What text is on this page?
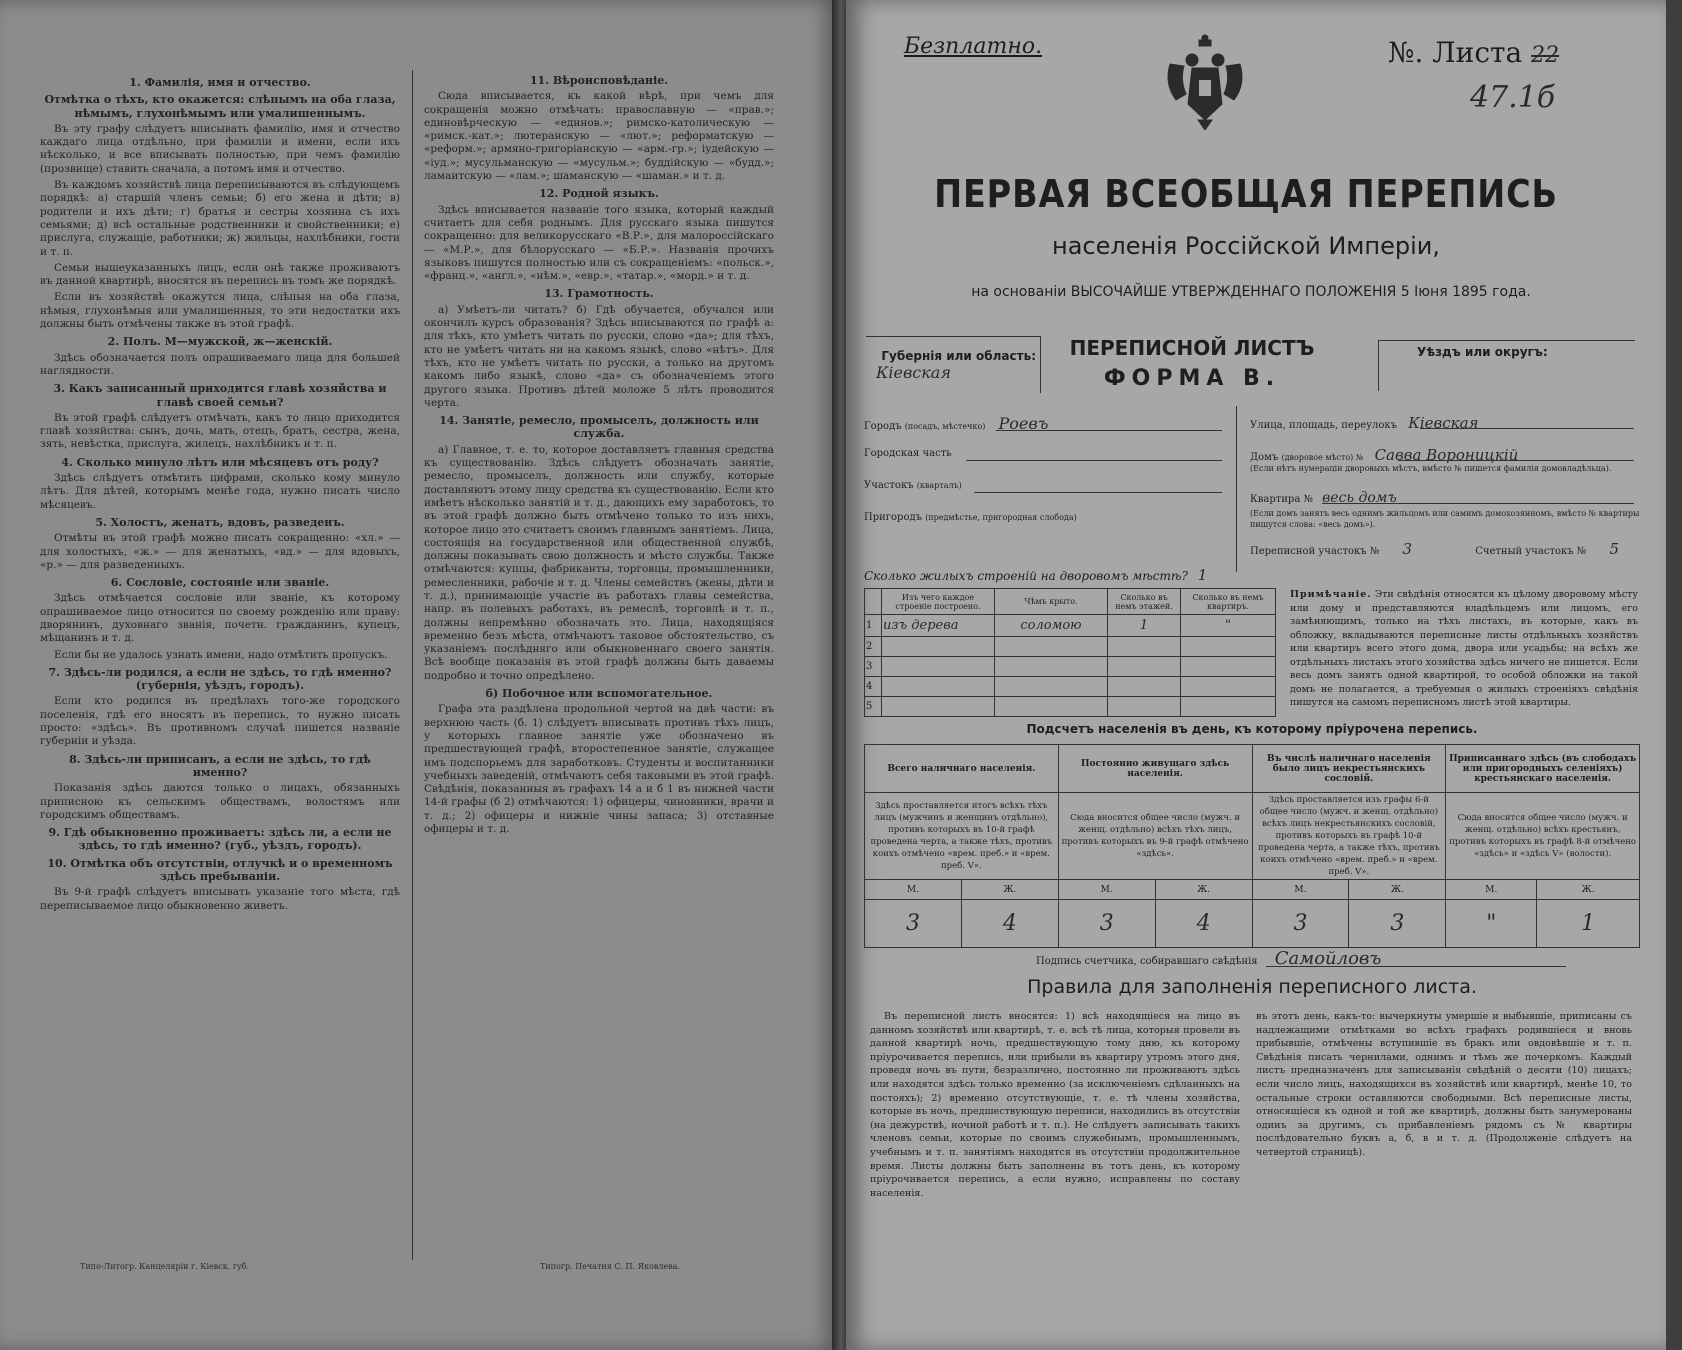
1. Фамилія, имя и отчество.

Отмѣтка о тѣхъ, кто окажется: слѣпымъ на оба глаза, нѣмымъ, глухонѣмымъ или умалишеннымъ.

Въ эту графу слѣдуетъ вписывать фамилію, имя и отчество каждаго лица отдѣльно, при фамиліи и имени, если ихъ нѣсколько, и все вписывать полностью, при чемъ фамилію (прозвище) ставить сначала, а потомъ имя и отчество.

Въ каждомъ хозяйствѣ лица переписываются въ слѣдующемъ порядкѣ: а) старшій членъ семьи; б) его жена и дѣти; в) родители и ихъ дѣти; г) братья и сестры хозяина съ ихъ семьями; д) всѣ остальные родственники и свойственники; е) прислуга, служащіе, работники; ж) жильцы, нахлѣбники, гости и т. п.

Семьи вышеуказанныхъ лицъ, если онѣ также проживаютъ въ данной квартирѣ, вносятся въ перепись въ томъ же порядкѣ.

Если въ хозяйствѣ окажутся лица, слѣпыя на оба глаза, нѣмыя, глухонѣмыя или умалишенныя, то эти недостатки ихъ должны быть отмѣчены также въ этой графѣ.

2. Полъ. М—мужской, ж—женскій.

Здѣсь обозначается полъ опрашиваемаго лица для большей наглядности.

3. Какъ записанный приходится главѣ хозяйства и главѣ своей семьи?

Въ этой графѣ слѣдуетъ отмѣчать, какъ то лицо приходится главѣ хозяйства: сынъ, дочь, мать, отецъ, братъ, сестра, жена, зять, невѣстка, прислуга, жилецъ, нахлѣбникъ и т. п.

4. Сколько минуло лѣтъ или мѣсяцевъ отъ роду?

Здѣсь слѣдуетъ отмѣтить цифрами, сколько кому минуло лѣтъ. Для дѣтей, которымъ менѣе года, нужно писать число мѣсяцевъ.

5. Холостъ, женатъ, вдовъ, разведенъ.

Отмѣты въ этой графѣ можно писать сокращенно: «хл.» — для холостыхъ, «ж.» — для женатыхъ, «вд.» — для вдовыхъ, «р.» — для разведенныхъ.

6. Сословіе, состояніе или званіе.

Здѣсь отмѣчается сословіе или званіе, къ которому опрашиваемое лицо относится по своему рожденію или праву: дворянинъ, духовнаго званія, почетн. гражданинъ, купецъ, мѣщанинъ и т. д.

Если бы не удалось узнать имени, надо отмѣтить пропускъ.

7. Здѣсь-ли родился, а если не здѣсь, то гдѣ именно? (губернія, уѣздъ, городъ).

Если кто родился въ предѣлахъ того-же городского поселенія, гдѣ его вносятъ въ перепись, то нужно писать просто: «здѣсь». Въ противномъ случаѣ пишется названіе губерніи и уѣзда.

8. Здѣсь-ли приписанъ, а если не здѣсь, то гдѣ именно?

Показанія здѣсь даются только о лицахъ, обязанныхъ приписною къ сельскимъ обществамъ, волостямъ или городскимъ обществамъ.

9. Гдѣ обыкновенно проживаетъ: здѣсь ли, а если не здѣсь, то гдѣ именно? (губ., уѣздъ, городъ).

10. Отмѣтка объ отсутствіи, отлучкѣ и о временномъ здѣсь пребываніи.

Въ 9-й графѣ слѣдуетъ вписывать указаніе того мѣста, гдѣ переписываемое лицо обыкновенно живетъ.

Типо-Литогр. Канцеляріи г. Кіевск. губ.

11. Вѣроисповѣданіе.

Сюда вписывается, къ какой вѣрѣ, при чемъ для сокращенія можно отмѣчать: православную — «прав.»; единовѣрческую — «единов.»; римско-католическую — «римск.-кат.»; лютеранскую — «лют.»; реформатскую — «реформ.»; армяно-григоріанскую — «арм.-гр.»; іудейскую — «іуд.»; мусульманскую — «мусульм.»; буддійскую — «будд.»; ламаитскую — «лам.»; шаманскую — «шаман.» и т. д.

12. Родной языкъ.

Здѣсь вписывается названіе того языка, который каждый считаетъ для себя роднымъ. Для русскаго языка пишутся сокращенно: для великорусскаго «В.Р.», для малороссійскаго — «М.Р.», для бѣлорусскаго — «Б.Р.». Названія прочихъ языковъ пишутся полностью или съ сокращеніемъ: «польск.», «франц.», «англ.», «нѣм.», «евр.», «татар.», «морд.» и т. д.

13. Грамотность.

а) Умѣетъ-ли читать? б) Гдѣ обучается, обучался или окончилъ курсъ образованія? Здѣсь вписываются по графѣ а: для тѣхъ, кто умѣетъ читать по русски, слово «да»; для тѣхъ, кто не умѣетъ читать ни на какомъ языкѣ, слово «нѣтъ». Для тѣхъ, кто не умѣетъ читать по русски, а только на другомъ какомъ либо языкѣ, слово «да» съ обозначеніемъ этого другого языка. Противъ дѣтей моложе 5 лѣтъ проводится черта.

14. Занятіе, ремесло, промыселъ, должность или служба.

а) Главное, т. е. то, которое доставляетъ главныя средства къ существованію. Здѣсь слѣдуетъ обозначать занятіе, ремесло, промыселъ, должность или службу, которые доставляютъ этому лицу средства къ существованію. Если кто имѣетъ нѣсколько занятій и т. д., дающихъ ему заработокъ, то въ этой графѣ должно быть отмѣчено только то изъ нихъ, которое лицо это считаетъ своимъ главнымъ занятіемъ. Лица, состоящія на государственной или общественной службѣ, должны показывать свою должность и мѣсто службы. Также отмѣчаются: купцы, фабриканты, торговцы, промышленники, ремесленники, рабочіе и т. д. Члены семействъ (жены, дѣти и т. д.), принимающіе участіе въ работахъ главы семейства, напр. въ полевыхъ работахъ, въ ремеслѣ, торговлѣ и т. п., должны непремѣнно обозначать это. Лица, находящіяся временно безъ мѣста, отмѣчаютъ таковое обстоятельство, съ указаніемъ послѣдняго или обыкновеннаго своего занятія. Всѣ вообще показанія въ этой графѣ должны быть даваемы подробно и точно опредѣлено.

б) Побочное или вспомогательное.

Графа эта раздѣлена продольной чертой на двѣ части: въ верхнюю часть (б. 1) слѣдуетъ вписывать противъ тѣхъ лицъ, у которыхъ главное занятіе уже обозначено въ предшествующей графѣ, второстепенное занятіе, служащее имъ подспорьемъ для заработковъ. Студенты и воспитанники учебныхъ заведеній, отмѣчаютъ себя таковыми въ этой графѣ. Свѣдѣнія, показанныя въ графахъ 14 а и б 1 въ нижней части 14-й графы (б 2) отмѣчаются: 1) офицеры, чиновники, врачи и т. д.; 2) офицеры и нижніе чины запаса; 3) отставные офицеры и т. д.

Типогр. Печатня С. П. Яковлева.
Безплатно.	№. Листа 22
47.1б
ПЕРВАЯ ВСЕОБЩАЯ ПЕРЕПИСЬ
населенія Россійской Имперіи,
на основаніи ВЫСОЧАЙШЕ УТВЕРЖДЕННАГО ПОЛОЖЕНІЯ 5 Іюня 1895 года.
Губернія или область:
Кіевская
ПЕРЕПИСНОЙ ЛИСТЪ
ФОРМА В.
Уѣздъ или округъ:
Городъ (посадъ, мѣстечко) Роевъ
Городская часть
Участокъ (кварталъ)
Пригородъ (предмѣстье, пригородная слобода)
Улица, площадь, переулокъ Кіевская
Домъ (дворовое мѣсто) № Савва Вороницкій
(Если нѣтъ нумераціи дворовыхъ мѣстъ, вмѣсто № пишется фамилія домовладѣльца).
Квартира № весь домъ
(Если домъ занятъ весь однимъ жильцомъ или самимъ домохозяиномъ, вмѣсто № квартиры пишутся слова: «весь домъ»).
Переписной участокъ № 3	Счетный участокъ № 5
Сколько жилыхъ строеній на дворовомъ мѣстѣ? 1
	Изъ чего каждое строеніе построено.	Чѣмъ крыто.	Сколько въ немъ этажей.	Сколько въ немъ квартиръ.
1	изъ дерева	соломою	1	"
2				
3				
4				
5				
Примѣчаніе. Эти свѣдѣнія относятся къ цѣлому дворовому мѣсту или дому и представляются владѣльцемъ или лицомъ, его замѣняющимъ, только на тѣхъ листахъ, въ которые, какъ въ обложку, вкладываются переписные листы отдѣльныхъ хозяйствъ или квартиръ всего этого дома, двора или усадьбы; на всѣхъ же отдѣльныхъ листахъ этого хозяйства здѣсь ничего не пишется. Если весь домъ занятъ одной квартирой, то особой обложки на такой домъ не полагается, а требуемыя о жилыхъ строеніяхъ свѣдѣнія пишутся на самомъ переписномъ листѣ этой квартиры.
Подсчетъ населенія въ день, къ которому пріурочена перепись.
Всего наличнаго населенія.		Постоянно живущаго здѣсь населенія.		Въ числѣ наличнаго населенія было лицъ некрестьянскихъ сословій.		Приписаннаго здѣсь (въ слободахъ или пригородныхъ селеніяхъ) крестьянскаго населенія.	
Здѣсь проставляется итогъ всѣхъ тѣхъ лицъ (мужчинъ и женщинъ отдѣльно), противъ которыхъ въ 10-й графѣ проведена черта, а также тѣхъ, противъ коихъ отмѣчено «врем. преб.» и «врем. преб. V».		Сюда вносится общее число (мужч. и женщ. отдѣльно) всѣхъ тѣхъ лицъ, противъ которыхъ въ 9-й графѣ отмѣчено «здѣсь».		Здѣсь проставляется изъ графы 6-й общее число (мужч. и женщ. отдѣльно) всѣхъ лицъ некрестьянскихъ сословій, противъ которыхъ въ графѣ 10-й проведена черта, а также тѣхъ, противъ коихъ отмѣчено «врем. преб.» и «врем. преб. V».		Сюда вносится общее число (мужч. и женщ. отдѣльно) всѣхъ крестьянъ, противъ которыхъ въ графѣ 8-й отмѣчено «здѣсь» и «здѣсь V» (волости).	
М.	Ж.	М.	Ж.	М.	Ж.	М.	Ж.
3	4	3	4	3	3	"	1
Подпись счетчика, собиравшаго свѣдѣнія Самойловъ
Правила для заполненія переписного листа.

Въ переписной листъ вносятся: 1) всѣ находящіеся на лицо въ данномъ хозяйствѣ или квартирѣ, т. е. всѣ тѣ лица, которыя провели въ данной квартирѣ ночь, предшествующую тому дню, къ которому пріурочивается перепись, или прибыли въ квартиру утромъ этого дня, проведя ночь въ пути, безразлично, постоянно ли проживаютъ здѣсь или находятся здѣсь только временно (за исключеніемъ сдѣланныхъ на постояхъ); 2) временно отсутствующіе, т. е. тѣ члены хозяйства, которые въ ночь, предшествующую переписи, находились въ отсутствіи (на дежурствѣ, ночной работѣ и т. п.). Не слѣдуетъ записывать такихъ членовъ семьи, которые по своимъ служебнымъ, промышленнымъ, учебнымъ и т. п. занятіямъ находятся въ отсутствіи продолжительное время. Листы должны быть заполнены въ тотъ день, къ которому пріурочивается перепись, а если нужно, исправлены по составу населенія.

въ этотъ день, какъ-то: вычеркнуты умершіе и выбывшіе, приписаны съ надлежащими отмѣтками во всѣхъ графахъ родившіеся и вновь прибывшіе, отмѣчены вступившіе въ бракъ или овдовѣвшіе и т. п. Свѣдѣнія писать чернилами, однимъ и тѣмъ же почеркомъ. Каждый листъ предназначенъ для записыванія свѣдѣній о десяти (10) лицахъ; если число лицъ, находящихся въ хозяйствѣ или квартирѣ, менѣе 10, то остальные строки оставляются свободными. Всѣ переписные листы, относящіеся къ одной и той же квартирѣ, должны быть занумерованы одинъ за другимъ, съ прибавленіемъ рядомъ съ № квартиры послѣдовательно буквъ а, б, в и т. д. (Продолженіе слѣдуетъ на четвертой страницѣ).
